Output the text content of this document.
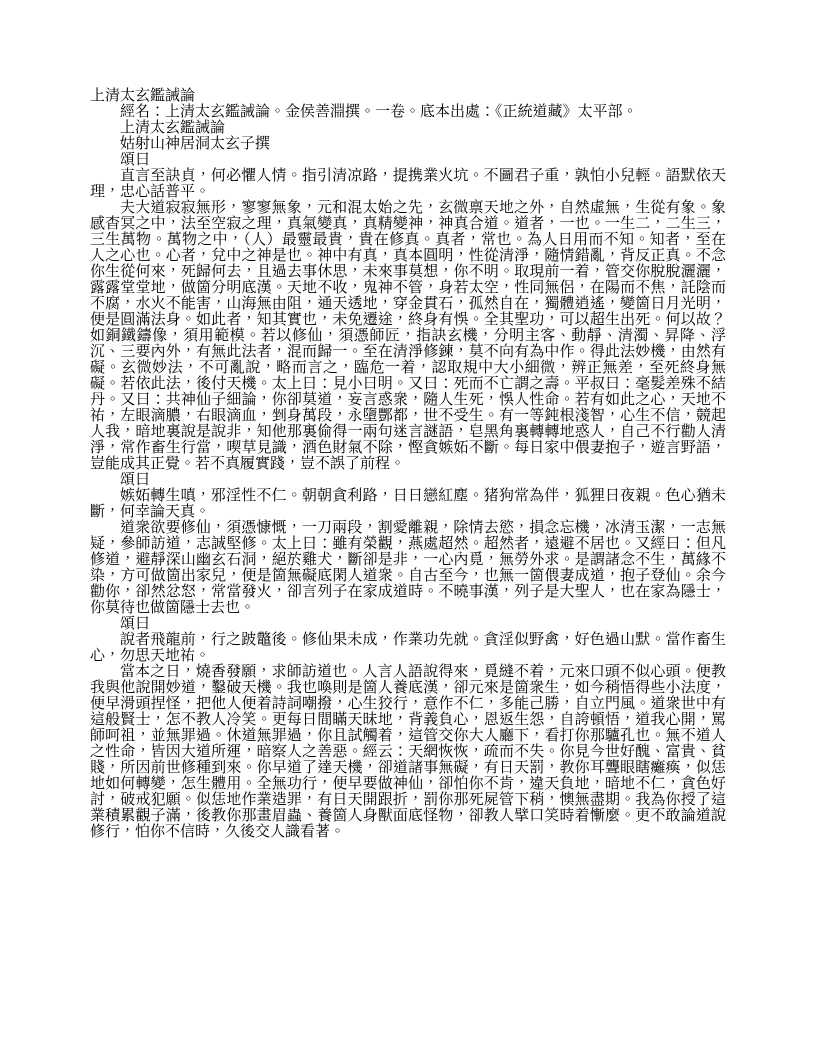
上清太玄鑑誡論

經名：上清太玄鑑誡論。金侯善淵撰。一卷。底本出處：《正統道藏》太平部。

上清太玄鑑誡論

姑射山神居洞太玄子撰

頌曰

直言至訣貞，何必懼人情。指引清凉路，提携業火坑。不圖君子重，孰怕小兒輕。語默依天理，忠心話普平。

夫大道寂寂無形，寥寥無象，元和混太始之先，玄微禀天地之外，自然虛無，生從有象。象感杳冥之中，法至空寂之理，真氣變真，真精變神，神真合道。道者，一也。一生二，二生三，三生萬物。萬物之中，（人）最靈最貴，貴在修真。真者，常也。為人日用而不知。知者，至在人之心也。心者，兌中之神是也。神中有真，真本圓明，性從清淨，隨情錯亂，背反正真。不念你生從何來，死歸何去，且過去事休思，未來事莫想，你不明。取現前一着，管交你脫脫灑灑，露露堂堂地，做箇分明底漢。天地不收，鬼神不管，身若太空，性同無侶，在陽而不焦，託陰而不腐，水火不能害，山海無由阻，通天透地，穿金貫石，孤然自在，獨體逍遙，變箇日月光明，便是圓滿法身。如此者，知其實也，未免遷途，終身有悞。全其聖功，可以超生出死。何以故？如銅鐵鑄像，須用範模。若以修仙，須憑師匠，指訣玄機，分明主客、動靜、清濁、昇降、浮沉、三要內外，有無此法者，混而歸一。至在清淨修鍊，莫不向有為中作。得此法妙機，由然有礙。玄微妙法，不可亂說，略而言之，臨危一着，認取規中大小細微，辨正無差，至死終身無礙。若依此法，後付天機。太上曰：見小曰明。又曰：死而不亡謂之壽。平叔曰：毫髮差殊不結丹。又曰：共神仙子細論，你卻莫道，妄言惑衆，隨人生死，悞人性命。若有如此之心，天地不祐，左眼滴膿，右眼滴血，剉身萬段，永墮酆都，世不受生。有一等鈍根淺智，心生不信，競起人我，暗地裏說是說非，知他那裏偷得一兩句迷言謎語，皂黑角裏轉轉地惑人，自己不行勸人清淨，常作畜生行當，喫草見識，酒色財氣不除，慳貪嫉妬不斷。每日家中偎妻抱子，遊言野語，豈能成其正覺。若不真履實踐，豈不誤了前程。

頌曰

嫉妬轉生嗔，邪淫性不仁。朝朝貪利路，日日戀紅塵。猪狗常為伴，狐狸日夜親。色心猶未斷，何幸論天真。

道衆欲要修仙，須憑慷慨，一刀兩段，割愛離親，除情去慾，損念忘機，冰清玉潔，一志無疑，參師訪道，志誠堅修。太上曰：雖有榮觀，燕處超然。超然者，遠避不居也。又經曰：但凡修道，避靜深山幽玄石洞，絕於雞犬，斷卻是非，一心內覓，無勞外求。是謂諸念不生，萬緣不染，方可做箇出家兒，便是箇無礙底閑人道衆。自古至今，也無一箇偎妻成道，抱子登仙。余今勸你，卻然忿怒，常當發火，卻言列子在家成道時。不曉事漢，列子是大聖人，也在家為隱士，你莫待也做箇隱士去也。

頌曰

說者飛龍前，行之跛鼈後。修仙果未成，作業功先就。貪淫似野禽，好色過山默。當作畜生心，勿思天地祐。

當本之日，燒香發願，求師訪道也。人言人語說得來，覓縫不着，元來口頭不似心頭。便教我與他說開妙道，鑿破天機。我也喚則是箇人養底漢，卻元來是箇衆生，如今稍悟得些小法度，便早滑頭捏怪，把他人便着詩詞嘲撥，心生狡行，意作不仁，多能己勝，自立門風。道衆世中有這般賢士，怎不教人冷笑。更每日間瞞天昧地，背義負心，恩返生怨，自誇頓悟，道我心開，罵師呵祖，並無罪過。休道無罪過，你且試觸着，這管交你大人廳下，看打你那驢孔也。無不道人之性命，皆因大道所運，暗察人之善惡。經云：天網恢恢，疏而不失。你見今世好醜、富貴、貧賤，所因前世修種到來。你早道了達天機，卻道諸事無礙，有日天罰，教你耳聾眼瞎癱瘓，似恁地如何轉變，怎生體用。全無功行，便早要做神仙，卻怕你不肯，違天負地，暗地不仁，貪色好討，破戒犯願。似恁地作業造罪，有日天開跟折，罰你那死屍管下稍，懊無盡期。我為你授了這業積累觀子滿，後教你那畫眉蟲、養箇人身獸面底怪物，卻教人擘口笑時着慚麼。更不敢論道說修行，怕你不信時，久後交人識看著。
